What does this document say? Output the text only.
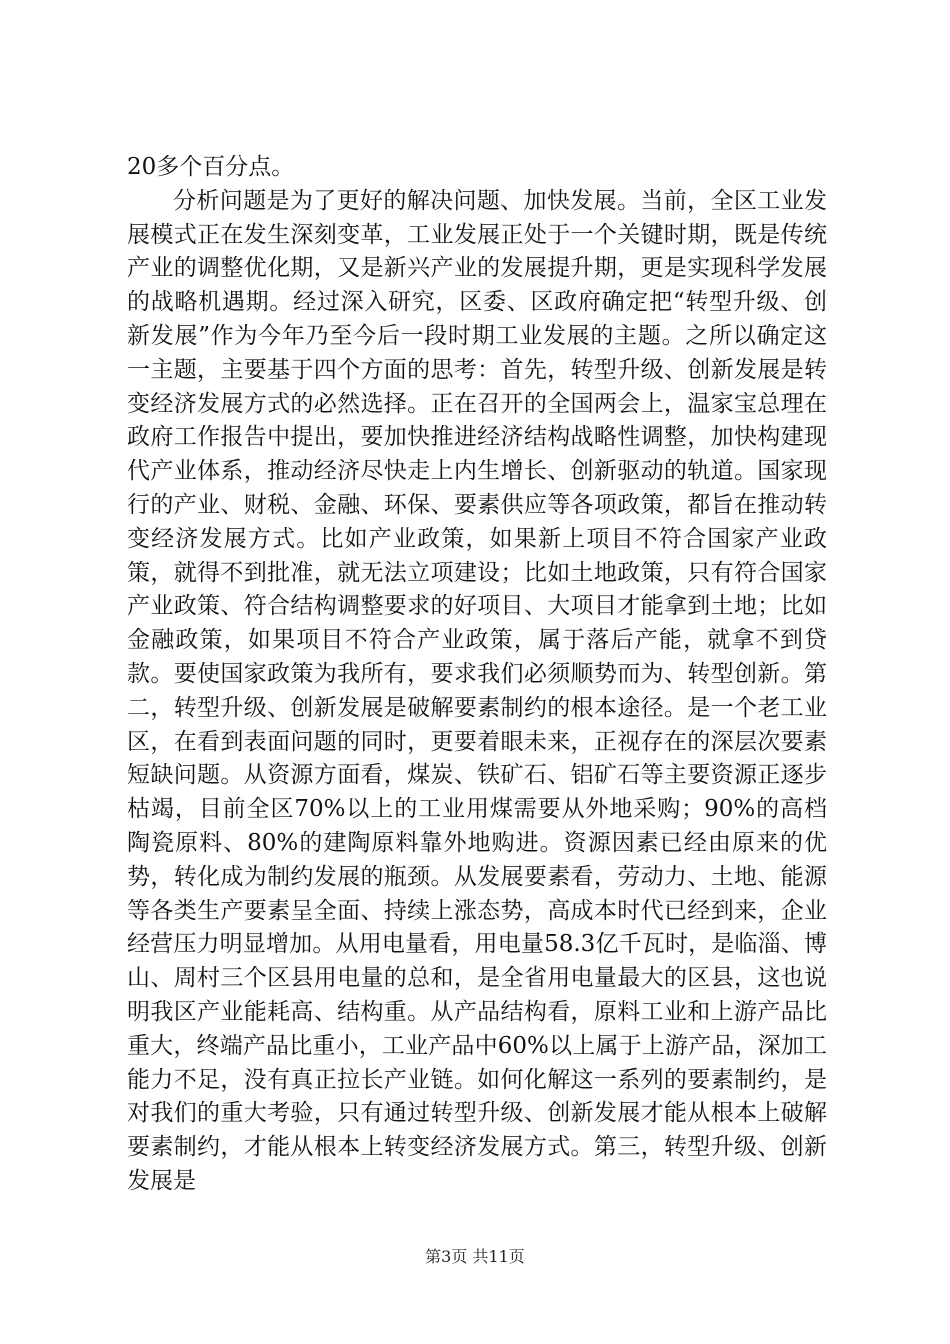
20多个百分点。

分析问题是为了更好的解决问题、加快发展。当前，全区工业发展模式正在发生深刻变革，工业发展正处于一个关键时期，既是传统产业的调整优化期，又是新兴产业的发展提升期，更是实现科学发展的战略机遇期。经过深入研究，区委、区政府确定把“转型升级、创新发展”作为今年乃至今后一段时期工业发展的主题。之所以确定这一主题，主要基于四个方面的思考：首先，转型升级、创新发展是转变经济发展方式的必然选择。正在召开的全国两会上，温家宝总理在政府工作报告中提出，要加快推进经济结构战略性调整，加快构建现代产业体系，推动经济尽快走上内生增长、创新驱动的轨道。国家现行的产业、财税、金融、环保、要素供应等各项政策，都旨在推动转变经济发展方式。比如产业政策，如果新上项目不符合国家产业政策，就得不到批准，就无法立项建设；比如土地政策，只有符合国家产业政策、符合结构调整要求的好项目、大项目才能拿到土地；比如金融政策，如果项目不符合产业政策，属于落后产能，就拿不到贷款。要使国家政策为我所有，要求我们必须顺势而为、转型创新。第二，转型升级、创新发展是破解要素制约的根本途径。是一个老工业区，在看到表面问题的同时，更要着眼未来，正视存在的深层次要素短缺问题。从资源方面看，煤炭、铁矿石、铝矿石等主要资源正逐步枯竭，目前全区70%以上的工业用煤需要从外地采购；90%的高档陶瓷原料、80%的建陶原料靠外地购进。资源因素已经由原来的优势，转化成为制约发展的瓶颈。从发展要素看，劳动力、土地、能源等各类生产要素呈全面、持续上涨态势，高成本时代已经到来，企业经营压力明显增加。从用电量看，用电量58.3亿千瓦时，是临淄、博山、周村三个区县用电量的总和，是全省用电量最大的区县，这也说明我区产业能耗高、结构重。从产品结构看，原料工业和上游产品比重大，终端产品比重小，工业产品中60%以上属于上游产品，深加工能力不足，没有真正拉长产业链。如何化解这一系列的要素制约，是对我们的重大考验，只有通过转型升级、创新发展才能从根本上破解要素制约，才能从根本上转变经济发展方式。第三，转型升级、创新发展是

第3页 共11页
